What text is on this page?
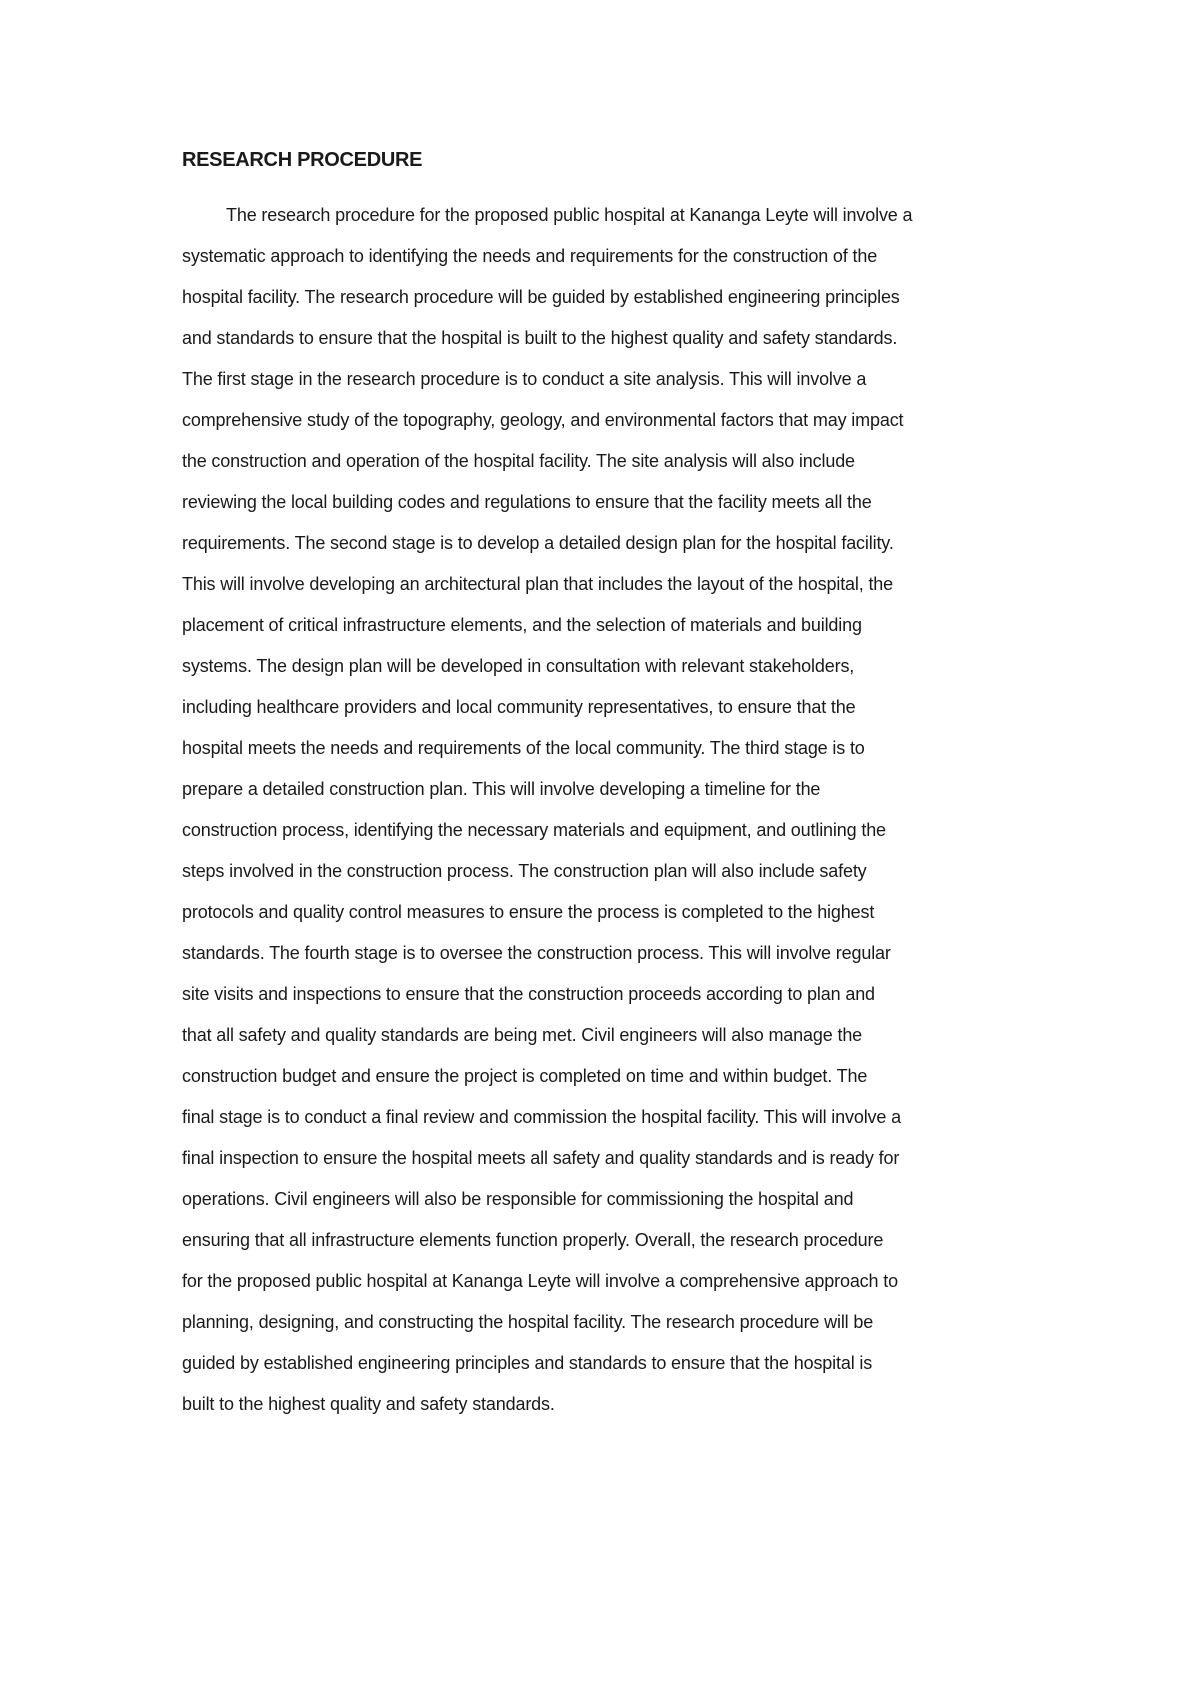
RESEARCH PROCEDURE
The research procedure for the proposed public hospital at Kananga Leyte will involve a
systematic approach to identifying the needs and requirements for the construction of the
hospital facility. The research procedure will be guided by established engineering principles
and standards to ensure that the hospital is built to the highest quality and safety standards.
The first stage in the research procedure is to conduct a site analysis. This will involve a
comprehensive study of the topography, geology, and environmental factors that may impact
the construction and operation of the hospital facility. The site analysis will also include
reviewing the local building codes and regulations to ensure that the facility meets all the
requirements. The second stage is to develop a detailed design plan for the hospital facility.
This will involve developing an architectural plan that includes the layout of the hospital, the
placement of critical infrastructure elements, and the selection of materials and building
systems. The design plan will be developed in consultation with relevant stakeholders,
including healthcare providers and local community representatives, to ensure that the
hospital meets the needs and requirements of the local community. The third stage is to
prepare a detailed construction plan. This will involve developing a timeline for the
construction process, identifying the necessary materials and equipment, and outlining the
steps involved in the construction process. The construction plan will also include safety
protocols and quality control measures to ensure the process is completed to the highest
standards. The fourth stage is to oversee the construction process. This will involve regular
site visits and inspections to ensure that the construction proceeds according to plan and
that all safety and quality standards are being met. Civil engineers will also manage the
construction budget and ensure the project is completed on time and within budget. The
final stage is to conduct a final review and commission the hospital facility. This will involve a
final inspection to ensure the hospital meets all safety and quality standards and is ready for
operations. Civil engineers will also be responsible for commissioning the hospital and
ensuring that all infrastructure elements function properly. Overall, the research procedure
for the proposed public hospital at Kananga Leyte will involve a comprehensive approach to
planning, designing, and constructing the hospital facility. The research procedure will be
guided by established engineering principles and standards to ensure that the hospital is
built to the highest quality and safety standards.
